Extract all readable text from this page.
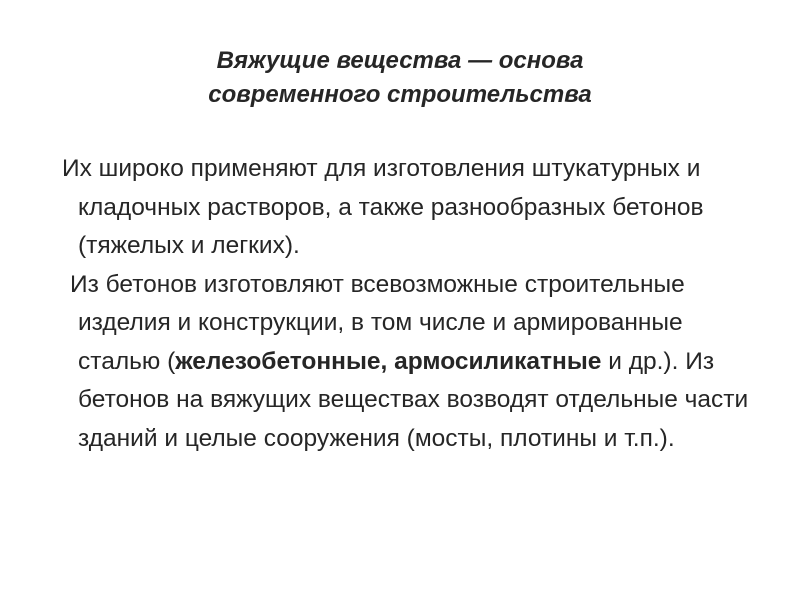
Вяжущие вещества — основа
современного строительства

Их широко применяют для изготовления штукатурных и кладочных растворов, а также разнообразных бетонов (тяжелых и легких).

Из бетонов изготовляют всевозможные строительные изделия и конструкции, в том числе и армированные сталью (железобетонные, армосиликатные и др.). Из бетонов на вяжущих веществах возводят отдельные части зданий и целые сооружения (мосты, плотины и т.п.).
